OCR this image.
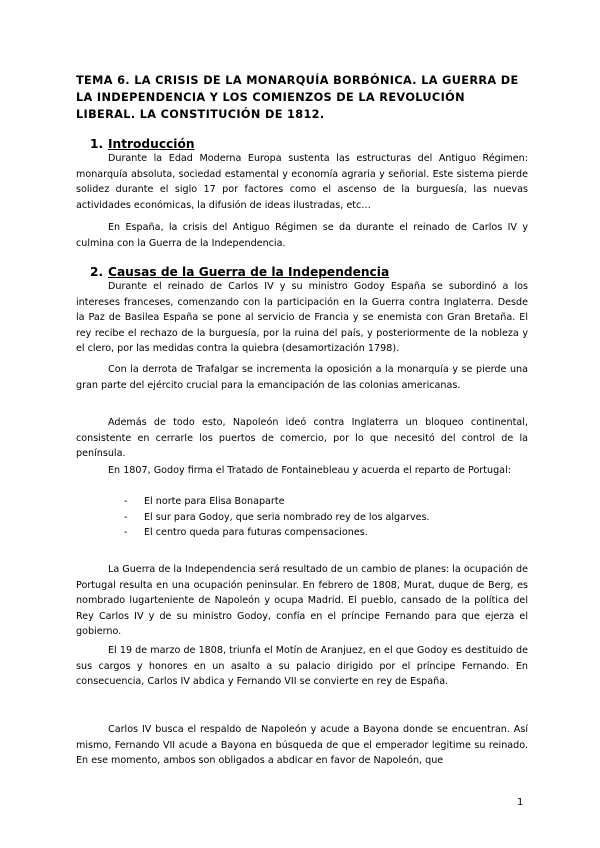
TEMA 6. LA CRISIS DE LA MONARQUÍA BORBÓNICA. LA GUERRA DE LA INDEPENDENCIA Y LOS COMIENZOS DE LA REVOLUCIÓN LIBERAL. LA CONSTITUCIÓN DE 1812.
1. Introducción

Durante la Edad Moderna Europa sustenta las estructuras del Antiguo Régimen: monarquía absoluta, sociedad estamental y economía agraria y señorial. Este sistema pierde solidez durante el siglo 17 por factores como el ascenso de la burguesía, las nuevas actividades económicas, la difusión de ideas ilustradas, etc…

En España, la crisis del Antiguo Régimen se da durante el reinado de Carlos IV y culmina con la Guerra de la Independencia.

2. Causas de la Guerra de la Independencia

Durante el reinado de Carlos IV y su ministro Godoy España se subordinó a los intereses franceses, comenzando con la participación en la Guerra contra Inglaterra. Desde la Paz de Basilea España se pone al servicio de Francia y se enemista con Gran Bretaña. El rey recibe el rechazo de la burguesía, por la ruina del país, y posteriormente de la nobleza y el clero, por las medidas contra la quiebra (desamortización 1798).

Con la derrota de Trafalgar se incrementa la oposición a la monarquía y se pierde una gran parte del ejército crucial para la emancipación de las colonias americanas.

Además de todo esto, Napoleón ideó contra Inglaterra un bloqueo continental, consistente en cerrarle los puertos de comercio, por lo que necesitó del control de la península.

En 1807, Godoy firma el Tratado de Fontainebleau y acuerda el reparto de Portugal:

- El norte para Elisa Bonaparte
- El sur para Godoy, que seria nombrado rey de los algarves.
- El centro queda para futuras compensaciones.

La Guerra de la Independencia será resultado de un cambio de planes: la ocupación de Portugal resulta en una ocupación peninsular. En febrero de 1808, Murat, duque de Berg, es nombrado lugarteniente de Napoleón y ocupa Madrid. El pueblo, cansado de la política del Rey Carlos IV y de su ministro Godoy, confía en el príncipe Fernando para que ejerza el gobierno.

El 19 de marzo de 1808, triunfa el Motín de Aranjuez, en el que Godoy es destituido de sus cargos y honores en un asalto a su palacio dirigido por el príncipe Fernando. En consecuencia, Carlos IV abdica y Fernando VII se convierte en rey de España.

Carlos IV busca el respaldo de Napoleón y acude a Bayona donde se encuentran. Así mismo, Fernando VII acude a Bayona en búsqueda de que el emperador legitime su reinado. En ese momento, ambos son obligados a abdicar en favor de Napoleón, que

1
